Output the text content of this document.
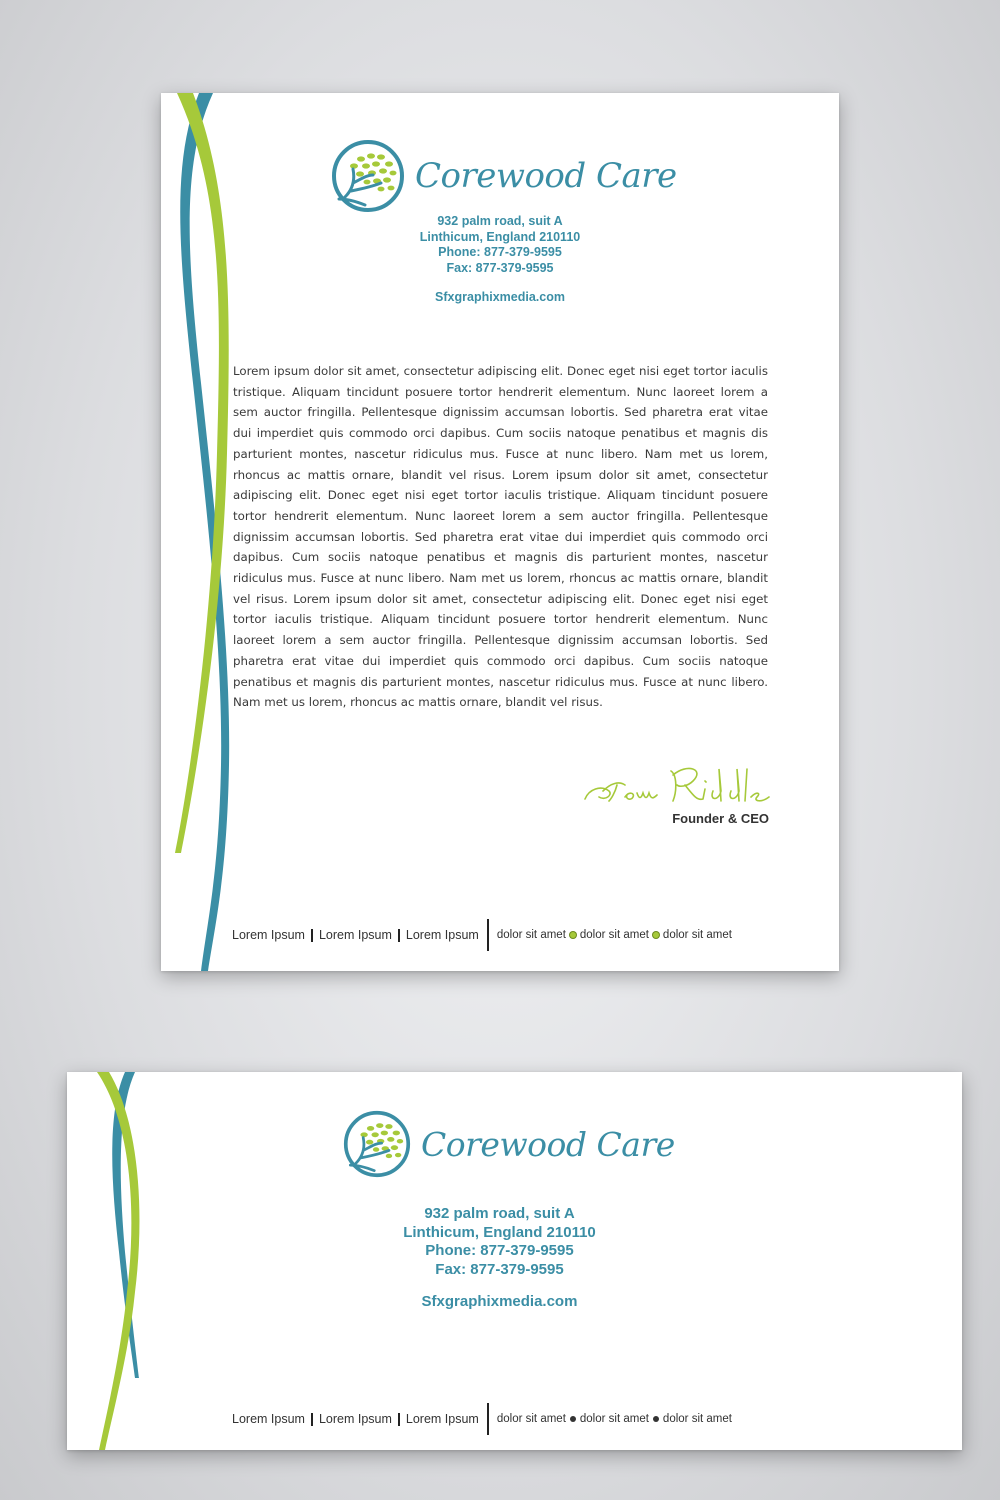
Corewood Care
932 palm road, suit A
Linthicum, England 210110
Phone: 877-379-9595
Fax: 877-379-9595
Sfxgraphixmedia.com

Lorem ipsum dolor sit amet, consectetur adipiscing elit. Donec eget nisi eget tortor iaculis tristique. Aliquam tincidunt posuere tortor hendrerit elementum. Nunc laoreet lorem a sem auctor fringilla. Pellentesque dignissim accumsan lobortis. Sed pharetra erat vitae dui imperdiet quis commodo orci dapibus. Cum sociis natoque penatibus et magnis dis parturient montes, nascetur ridiculus mus. Fusce at nunc libero. Nam met us lorem, rhoncus ac mattis ornare, blandit vel risus. Lorem ipsum dolor sit amet, consectetur adipiscing elit. Donec eget nisi eget tortor iaculis tristique. Aliquam tincidunt posuere tortor hendrerit elementum. Nunc laoreet lorem a sem auctor fringilla. Pellentesque dignissim accumsan lobortis. Sed pharetra erat vitae dui imperdiet quis commodo orci dapibus. Cum sociis natoque penatibus et magnis dis parturient montes, nascetur ridiculus mus. Fusce at nunc libero. Nam met us lorem, rhoncus ac mattis ornare, blandit vel risus. Lorem ipsum dolor sit amet, consectetur adipiscing elit. Donec eget nisi eget tortor iaculis tristique. Aliquam tincidunt posuere tortor hendrerit elementum. Nunc laoreet lorem a sem auctor fringilla. Pellentesque dignissim accumsan lobortis. Sed pharetra erat vitae dui imperdiet quis commodo orci dapibus. Cum sociis natoque penatibus et magnis dis parturient montes, nascetur ridiculus mus. Fusce at nunc libero. Nam met us lorem, rhoncus ac mattis ornare, blandit vel risus.

Founder & CEO
Lorem Ipsum Lorem Ipsum Lorem Ipsum dolor sit amet dolor sit amet dolor sit amet
Corewood Care
932 palm road, suit A
Linthicum, England 210110
Phone: 877-379-9595
Fax: 877-379-9595
Sfxgraphixmedia.com
Lorem Ipsum Lorem Ipsum Lorem Ipsum dolor sit amet dolor sit amet dolor sit amet
